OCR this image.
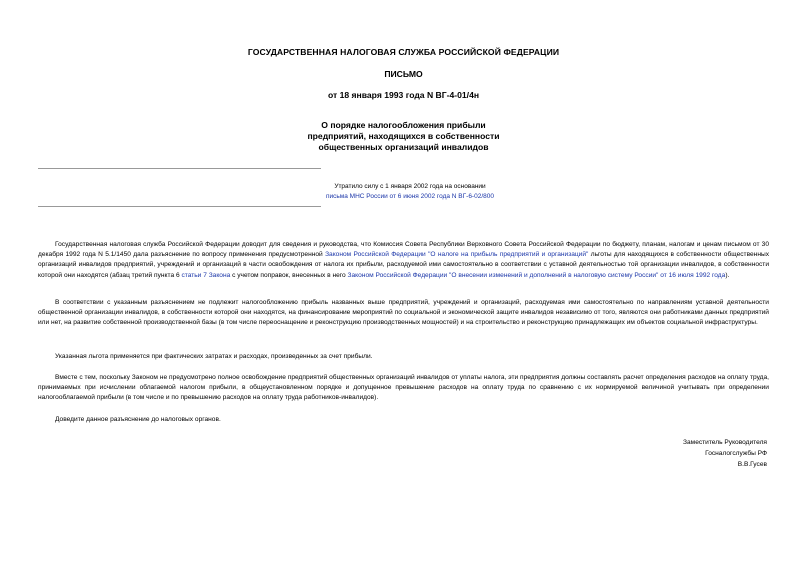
ГОСУДАРСТВЕННАЯ НАЛОГОВАЯ СЛУЖБА РОССИЙСКОЙ ФЕДЕРАЦИИ
ПИСЬМО
от 18 января 1993 года N ВГ-4-01/4н
О порядке налогообложения прибыли
предприятий, находящихся в собственности
общественных организаций инвалидов
Утратило силу с 1 января 2002 года на основании
письма МНС России от 6 июня 2002 года N ВГ-6-02/800
Государственная налоговая служба Российской Федерации доводит для сведения и руководства, что Комиссия Совета Республики Верховного Совета Российской Федерации по бюджету, планам, налогам и ценам письмом от 30 декабря 1992 года N 5.1/1450 дала разъяснение по вопросу применения предусмотренной Законом Российской Федерации "О налоге на прибыль предприятий и организаций" льготы для находящихся в собственности общественных организаций инвалидов предприятий, учреждений и организаций в части освобождения от налога их прибыли, расходуемой ими самостоятельно в соответствии с уставной деятельностью той организации инвалидов, в собственности которой они находятся (абзац третий пункта 6 статьи 7 Закона с учетом поправок, внесенных в него Законом Российской Федерации "О внесении изменений и дополнений в налоговую систему России" от 16 июля 1992 года).
В соответствии с указанным разъяснением не подлежит налогообложению прибыль названных выше предприятий, учреждений и организаций, расходуемая ими самостоятельно по направлениям уставной деятельности общественной организации инвалидов, в собственности которой они находятся, на финансирование мероприятий по социальной и экономической защите инвалидов независимо от того, являются они работниками данных предприятий или нет, на развитие собственной производственной базы (в том числе переоснащение и реконструкцию производственных мощностей) и на строительство и реконструкцию принадлежащих им объектов социальной инфраструктуры.
Указанная льгота применяется при фактических затратах и расходах, произведенных за счет прибыли.
Вместе с тем, поскольку Законом не предусмотрено полное освобождение предприятий общественных организаций инвалидов от уплаты налога, эти предприятия должны составлять расчет определения расходов на оплату труда, принимаемых при исчислении облагаемой налогом прибыли, в общеустановленном порядке и допущенное превышение расходов на оплату труда по сравнению с их нормируемой величиной учитывать при определении налогооблагаемой прибыли (в том числе и по превышению расходов на оплату труда работников-инвалидов).
Доведите данное разъяснение до налоговых органов.
Заместитель Руководителя
Госналогслужбы РФ
В.В.Гусев
